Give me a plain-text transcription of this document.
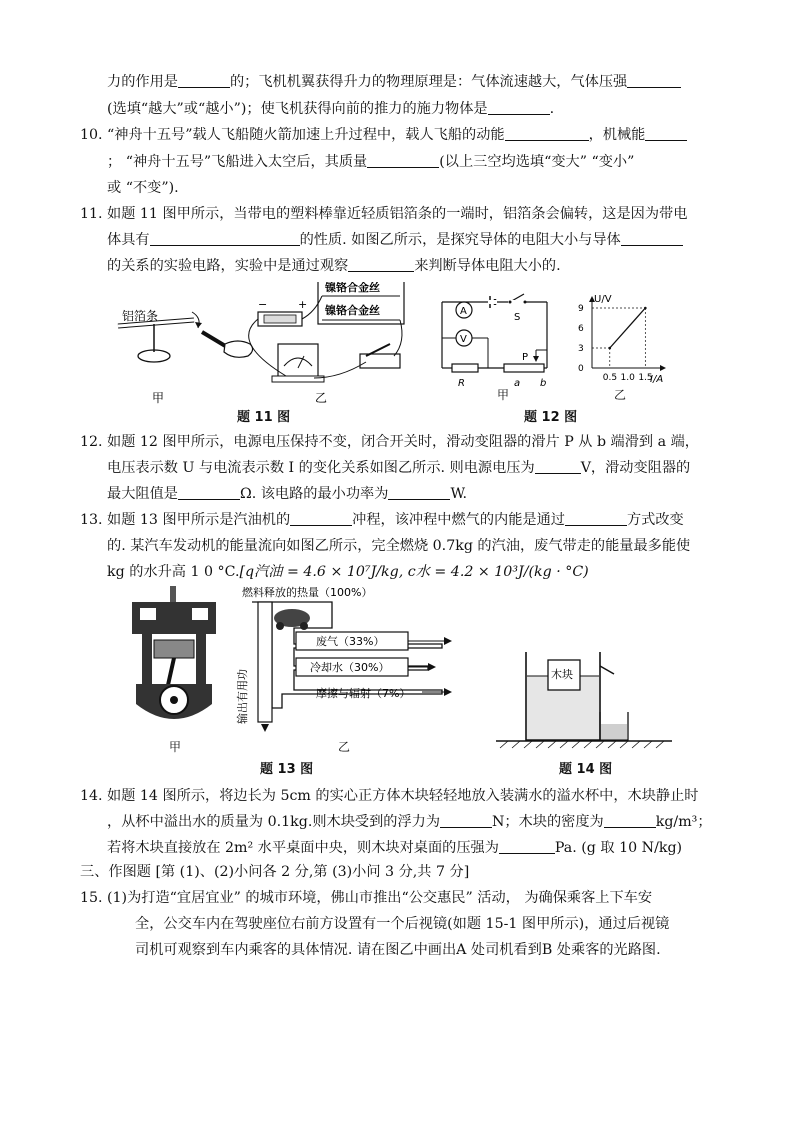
力的作用是	的；飞机机翼获得升力的物理原理是：气体流速越大，气体压强
(选填“越大”或“越小”)；使飞机获得向前的推力的施力物体是	.
10. “神舟十五号”载人飞船随火箭加速上升过程中，载人飞船的动能	，机械能
； “神舟十五号”飞船进入太空后，其质量	(以上三空均选填“变大” “变小”
或 “不变”).
11. 如题 11 图甲所示，当带电的塑料棒靠近轻质铝箔条的一端时，铝箔条会偏转，这是因为带电
体具有	的性质. 如图乙所示，是探究导体的电阻大小与导体
的关系的实验电路，实验中是通过观察	来判断导体电阻大小的.
铝箔条
甲
−	+
镍铬合金丝
镍铬合金丝
乙
题 11 图
A
S
V
P
R	a b
甲
题 12 图
U/V
I/A
0
3
6
9
0.5 1.0 1.5
乙
12. 如题 12 图甲所示，电源电压保持不变，闭合开关时，滑动变阻器的滑片 P 从 b 端滑到 a 端，
电压表示数 U 与电流表示数 I 的变化关系如图乙所示. 则电源电压为	V，滑动变阻器的
最大阻值是	Ω. 该电路的最小功率为	W.
13. 如题 13 图甲所示是汽油机的	冲程，该冲程中燃气的内能是通过	方式改变
的. 某汽车发动机的能量流向如图乙所示，完全燃烧 0.7kg 的汽油，废气带走的能量最多能使
kg 的水升高 1 0 °C.[q汽油 = 4.6 × 10⁷J/kg, c水 = 4.2 × 10³J/(kg · °C)
甲
燃料释放的热量（100%）
废气（33%）
冷却水（30%）
摩擦与辐射（7%）
输出有用功
乙
题 13 图
木块
题 14 图
14. 如题 14 图所示，将边长为 5cm 的实心正方体木块轻轻地放入装满水的溢水杯中，木块静止时
，从杯中溢出水的质量为 0.1kg.则木块受到的浮力为	N；木块的密度为	kg/m³；
若将木块直接放在 2m² 水平桌面中央，则木块对桌面的压强为	Pa. (g 取 10 N/kg)
三、作图题 [第 (1)、(2)小问各 2 分,第 (3)小问 3 分,共 7 分]
15. (1)为打造“宜居宜业” 的城市环境，佛山市推出“公交惠民” 活动， 为确保乘客上下车安
全，公交车内在驾驶座位右前方设置有一个后视镜(如题 15-1 图甲所示)，通过后视镜
司机可观察到车内乘客的具体情况. 请在图乙中画出A 处司机看到B 处乘客的光路图.
